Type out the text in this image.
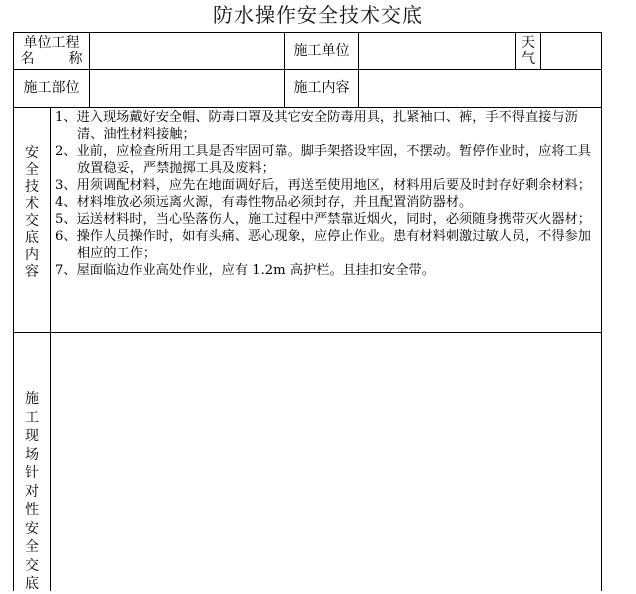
防水操作安全技术交底
单位工程
名 称
施工单位	天
气
施工部位	施工内容
安
全
技
术
交
底
内
容
1、进入现场戴好安全帽、防毒口罩及其它安全防毒用具，扎紧袖口、裤，手不得直接与沥清、油性材料接触；
2、业前，应检查所用工具是否牢固可靠。脚手架搭设牢固，不摆动。暂停作业时，应将工具放置稳妥，严禁抛掷工具及废料；
3、用须调配材料，应先在地面调好后，再送至使用地区，材料用后要及时封存好剩余材料；
4、材料堆放必须远离火源，有毒性物品必须封存，并且配置消防器材。
5、运送材料时，当心坠落伤人，施工过程中严禁靠近烟火，同时，必须随身携带灭火器材；
6、操作人员操作时，如有头痛、恶心现象，应停止作业。患有材料刺激过敏人员，不得参加相应的工作；
7、屋面临边作业高处作业，应有 1.2m 高护栏。且挂扣安全带。
施
工
现
场
针
对
性
安
全
交
底
